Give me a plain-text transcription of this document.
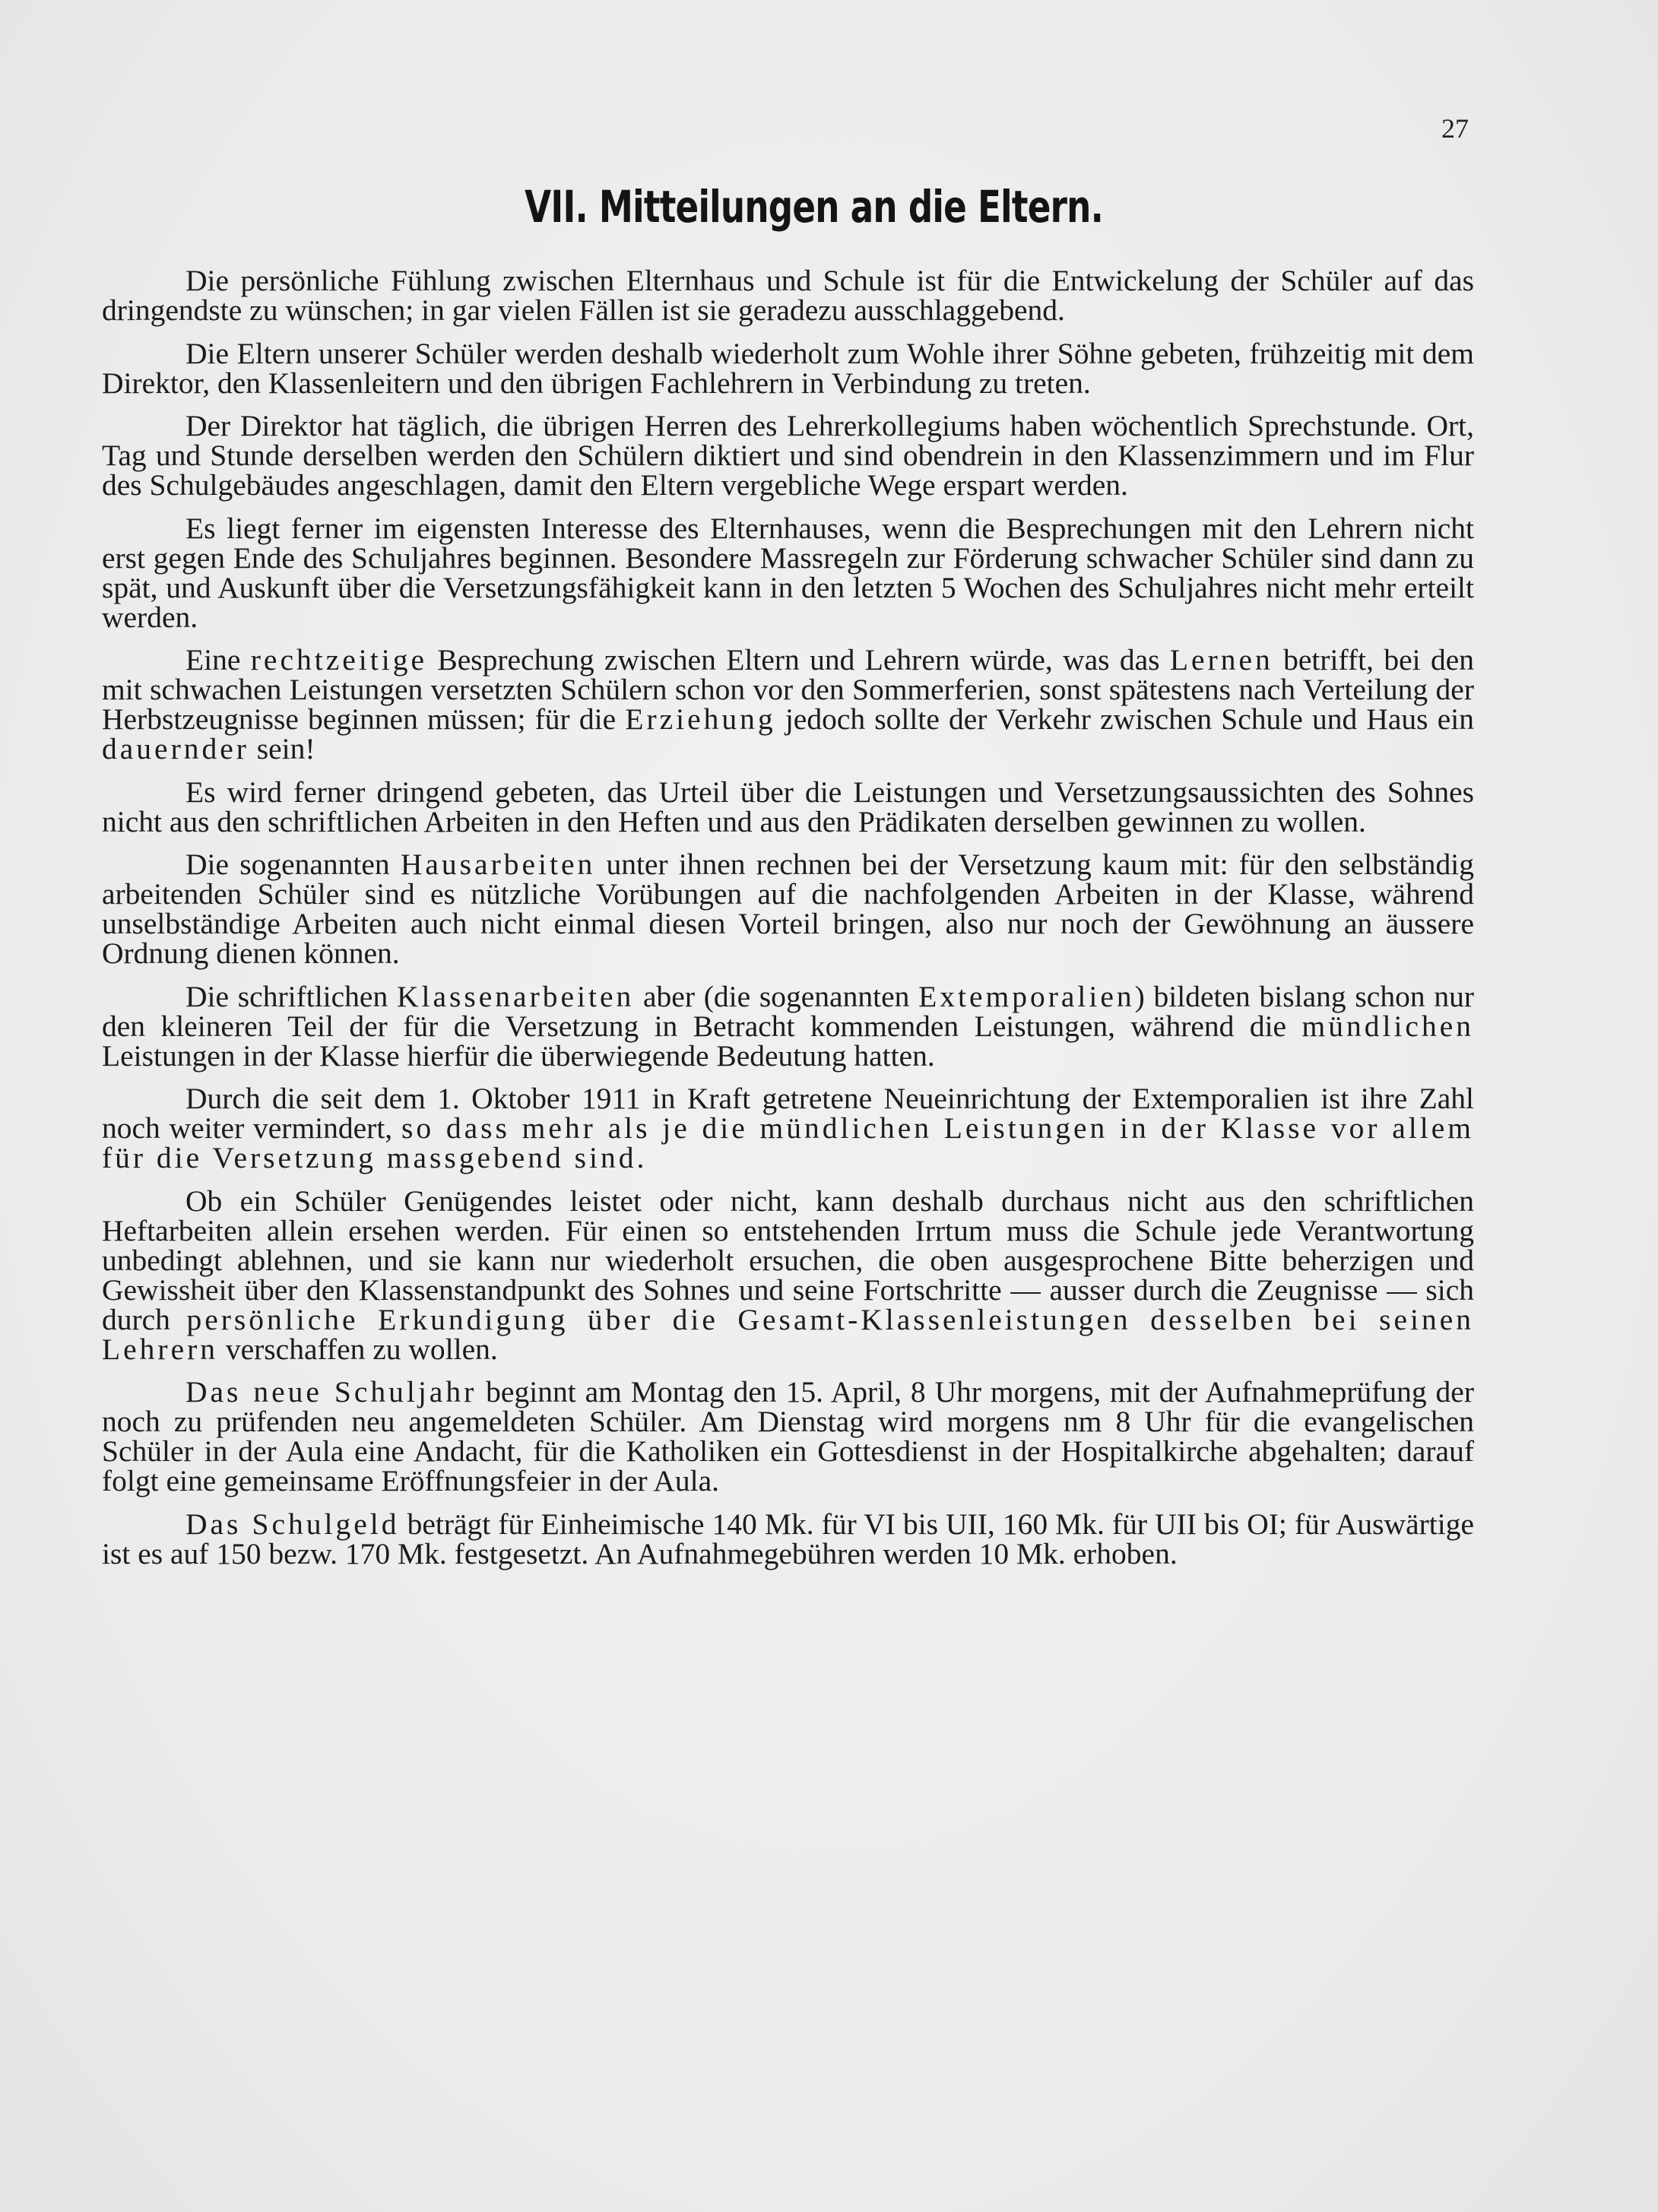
27
VII. Mitteilungen an die Eltern.

Die persönliche Fühlung zwischen Elternhaus und Schule ist für die Entwickelung der Schüler auf das dringendste zu wünschen; in gar vielen Fällen ist sie geradezu ausschlaggebend.

Die Eltern unserer Schüler werden deshalb wiederholt zum Wohle ihrer Söhne gebeten, frühzeitig mit dem Direktor, den Klassenleitern und den übrigen Fachlehrern in Verbindung zu treten.

Der Direktor hat täglich, die übrigen Herren des Lehrerkollegiums haben wöchentlich Sprechstunde. Ort, Tag und Stunde derselben werden den Schülern diktiert und sind obendrein in den Klassenzimmern und im Flur des Schulgebäudes angeschlagen, damit den Eltern vergebliche Wege erspart werden.

Es liegt ferner im eigensten Interesse des Elternhauses, wenn die Besprechungen mit den Lehrern nicht erst gegen Ende des Schuljahres beginnen. Besondere Massregeln zur Förderung schwacher Schüler sind dann zu spät, und Auskunft über die Versetzungsfähigkeit kann in den letzten 5 Wochen des Schuljahres nicht mehr erteilt werden.

Eine rechtzeitige Besprechung zwischen Eltern und Lehrern würde, was das Lernen betrifft, bei den mit schwachen Leistungen versetzten Schülern schon vor den Sommerferien, sonst spätestens nach Verteilung der Herbstzeugnisse beginnen müssen; für die Erziehung jedoch sollte der Verkehr zwischen Schule und Haus ein dauernder sein!

Es wird ferner dringend gebeten, das Urteil über die Leistungen und Versetzungsaussichten des Sohnes nicht aus den schriftlichen Arbeiten in den Heften und aus den Prädikaten derselben gewinnen zu wollen.

Die sogenannten Hausarbeiten unter ihnen rechnen bei der Versetzung kaum mit: für den selbständig arbeitenden Schüler sind es nützliche Vorübungen auf die nachfolgenden Arbeiten in der Klasse, während unselbständige Arbeiten auch nicht einmal diesen Vorteil bringen, also nur noch der Gewöhnung an äussere Ordnung dienen können.

Die schriftlichen Klassenarbeiten aber (die sogenannten Extemporalien) bildeten bislang schon nur den kleineren Teil der für die Versetzung in Betracht kommenden Leistungen, während die mündlichen Leistungen in der Klasse hierfür die überwiegende Bedeutung hatten.

Durch die seit dem 1. Oktober 1911 in Kraft getretene Neueinrichtung der Extemporalien ist ihre Zahl noch weiter vermindert, so dass mehr als je die mündlichen Leistungen in der Klasse vor allem für die Versetzung massgebend sind.

Ob ein Schüler Genügendes leistet oder nicht, kann deshalb durchaus nicht aus den schriftlichen Heftarbeiten allein ersehen werden. Für einen so entstehenden Irrtum muss die Schule jede Verantwortung unbedingt ablehnen, und sie kann nur wiederholt ersuchen, die oben ausgesprochene Bitte beherzigen und Gewissheit über den Klassenstandpunkt des Sohnes und seine Fortschritte — ausser durch die Zeugnisse — sich durch persönliche Erkundigung über die Gesamt-Klassenleistungen desselben bei seinen Lehrern verschaffen zu wollen.

Das neue Schuljahr beginnt am Montag den 15. April, 8 Uhr morgens, mit der Aufnahmeprüfung der noch zu prüfenden neu angemeldeten Schüler. Am Dienstag wird morgens nm 8 Uhr für die evangelischen Schüler in der Aula eine Andacht, für die Katholiken ein Gottesdienst in der Hospitalkirche abgehalten; darauf folgt eine gemeinsame Eröffnungsfeier in der Aula.

Das Schulgeld beträgt für Einheimische 140 Mk. für VI bis UII, 160 Mk. für UII bis OI; für Auswärtige ist es auf 150 bezw. 170 Mk. festgesetzt. An Aufnahmegebühren werden 10 Mk. erhoben.
